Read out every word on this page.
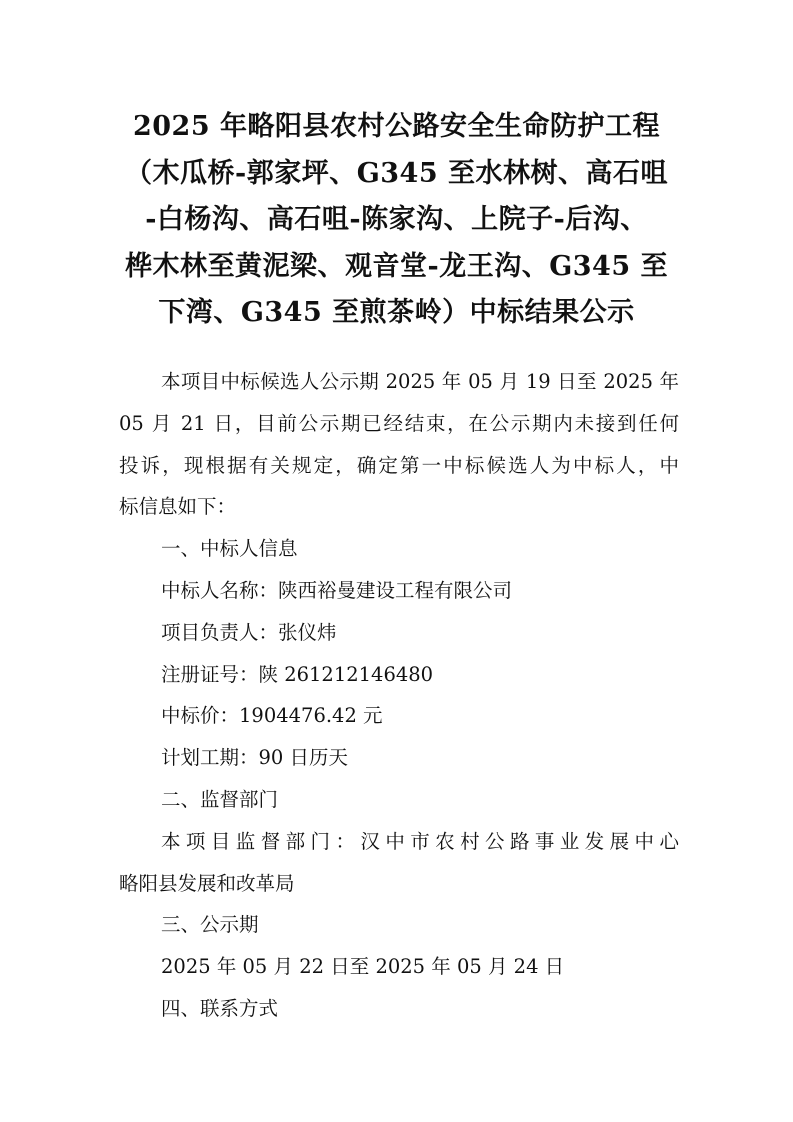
2025 年略阳县农村公路安全生命防护工程
（木瓜桥-郭家坪、G345 至水林树、高石咀
-白杨沟、高石咀-陈家沟、上院子-后沟、
桦木林至黄泥梁、观音堂-龙王沟、G345 至
下湾、G345 至煎茶岭）中标结果公示
本项目中标候选人公示期 2025 年 05 月 19 日至 2025 年
05 月 21 日，目前公示期已经结束，在公示期内未接到任何
投诉，现根据有关规定，确定第一中标候选人为中标人，中
标信息如下：
一、中标人信息
中标人名称：陕西裕曼建设工程有限公司
项目负责人：张仪炜
注册证号：陕 261212146480
中标价：1904476.42 元
计划工期：90 日历天
二、监督部门
本项目监督部门：汉中市农村公路事业发展中心
略阳县发展和改革局
三、公示期
2025 年 05 月 22 日至 2025 年 05 月 24 日
四、联系方式
